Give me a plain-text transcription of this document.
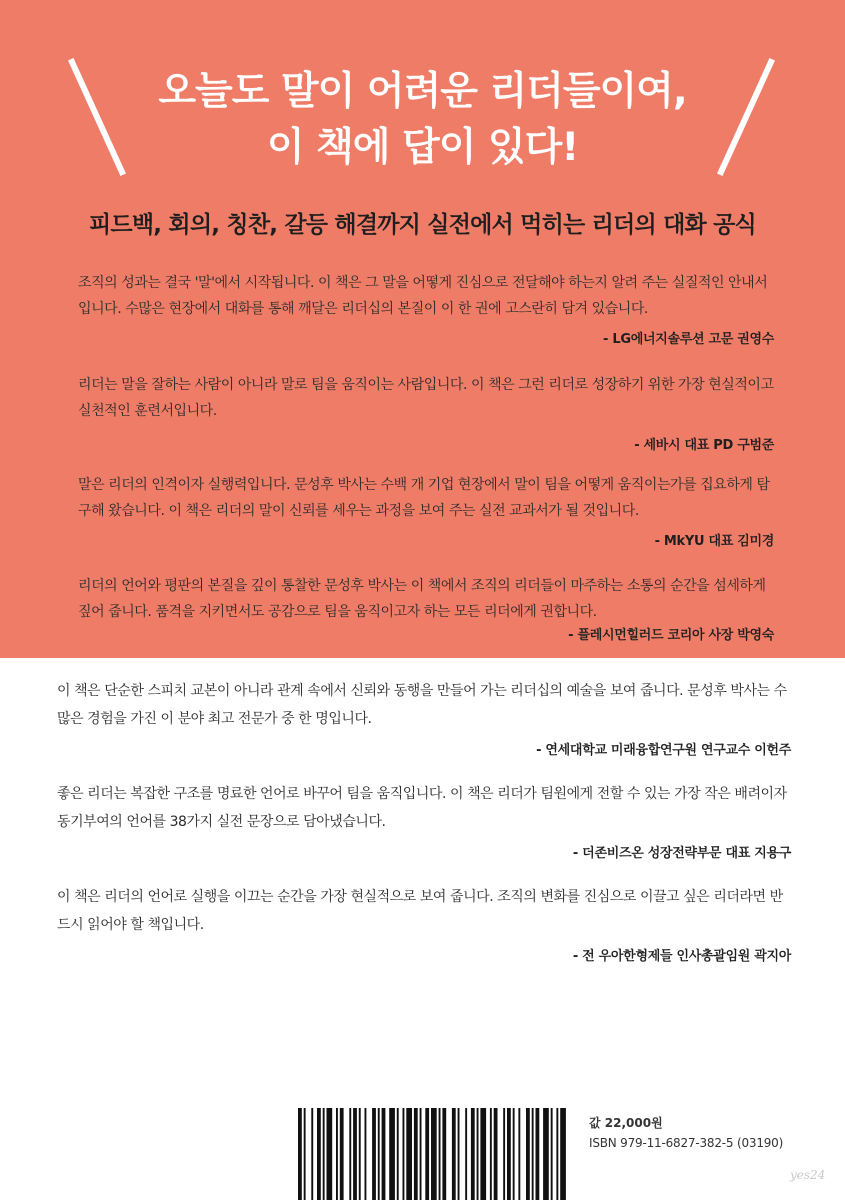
오늘도 말이 어려운 리더들이여,
이 책에 답이 있다!
피드백, 회의, 칭찬, 갈등 해결까지 실전에서 먹히는 리더의 대화 공식

조직의 성과는 결국 '말'에서 시작됩니다. 이 책은 그 말을 어떻게 진심으로 전달해야 하는지 알려 주는 실질적인 안내서입니다. 수많은 현장에서 대화를 통해 깨달은 리더십의 본질이 이 한 권에 고스란히 담겨 있습니다.

- LG에너지솔루션 고문 권영수

리더는 말을 잘하는 사람이 아니라 말로 팀을 움직이는 사람입니다. 이 책은 그런 리더로 성장하기 위한 가장 현실적이고 실천적인 훈련서입니다.

- 세바시 대표 PD 구범준

말은 리더의 인격이자 실행력입니다. 문성후 박사는 수백 개 기업 현장에서 말이 팀을 어떻게 움직이는가를 집요하게 탐구해 왔습니다. 이 책은 리더의 말이 신뢰를 세우는 과정을 보여 주는 실전 교과서가 될 것입니다.

- MkYU 대표 김미경

리더의 언어와 평판의 본질을 깊이 통찰한 문성후 박사는 이 책에서 조직의 리더들이 마주하는 소통의 순간을 섬세하게 짚어 줍니다. 품격을 지키면서도 공감으로 팀을 움직이고자 하는 모든 리더에게 권합니다.

- 플레시먼힐러드 코리아 사장 박영숙

이 책은 단순한 스피치 교본이 아니라 관계 속에서 신뢰와 동행을 만들어 가는 리더십의 예술을 보여 줍니다. 문성후 박사는 수많은 경험을 가진 이 분야 최고 전문가 중 한 명입니다.

- 연세대학교 미래융합연구원 연구교수 이헌주

좋은 리더는 복잡한 구조를 명료한 언어로 바꾸어 팀을 움직입니다. 이 책은 리더가 팀원에게 전할 수 있는 가장 작은 배려이자 동기부여의 언어를 38가지 실전 문장으로 담아냈습니다.

- 더존비즈온 성장전략부문 대표 지용구

이 책은 리더의 언어로 실행을 이끄는 순간을 가장 현실적으로 보여 줍니다. 조직의 변화를 진심으로 이끌고 싶은 리더라면 반드시 읽어야 할 책입니다.

- 전 우아한형제들 인사총괄임원 곽지아

값 22,000원
ISBN 979-11-6827-382-5 (03190)
yes24
